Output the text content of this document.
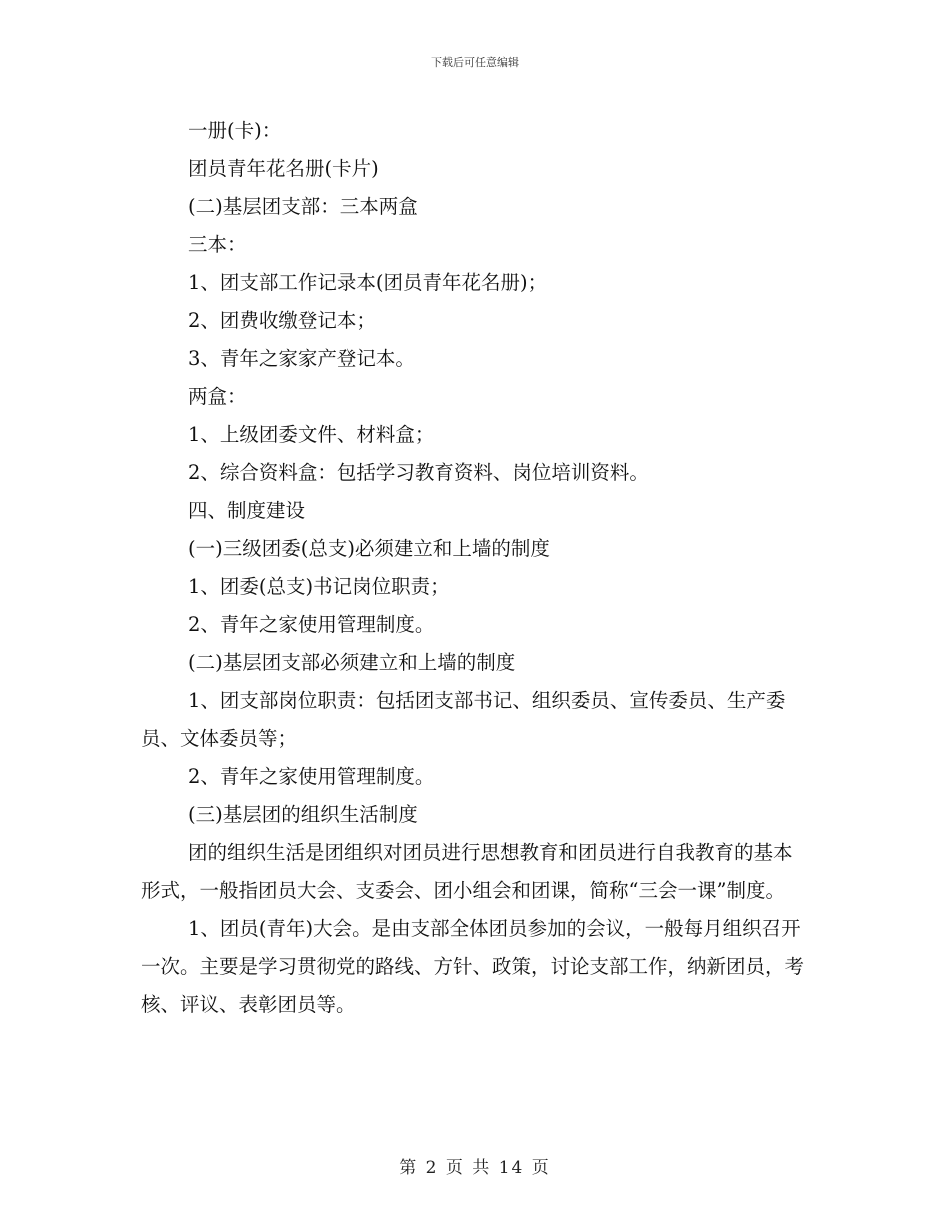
下载后可任意编辑

一册(卡)：

团员青年花名册(卡片)

(二)基层团支部：三本两盒

三本：

1、团支部工作记录本(团员青年花名册)；

2、团费收缴登记本；

3、青年之家家产登记本。

两盒：

1、上级团委文件、材料盒；

2、综合资料盒：包括学习教育资料、岗位培训资料。

四、制度建设

(一)三级团委(总支)必须建立和上墙的制度

1、团委(总支)书记岗位职责；

2、青年之家使用管理制度。

(二)基层团支部必须建立和上墙的制度

1、团支部岗位职责：包括团支部书记、组织委员、宣传委员、生产委员、文体委员等；

2、青年之家使用管理制度。

(三)基层团的组织生活制度

团的组织生活是团组织对团员进行思想教育和团员进行自我教育的基本形式，一般指团员大会、支委会、团小组会和团课，简称“三会一课”制度。

1、团员(青年)大会。是由支部全体团员参加的会议，一般每月组织召开一次。主要是学习贯彻党的路线、方针、政策，讨论支部工作，纳新团员，考核、评议、表彰团员等。

第 2 页 共 14 页
